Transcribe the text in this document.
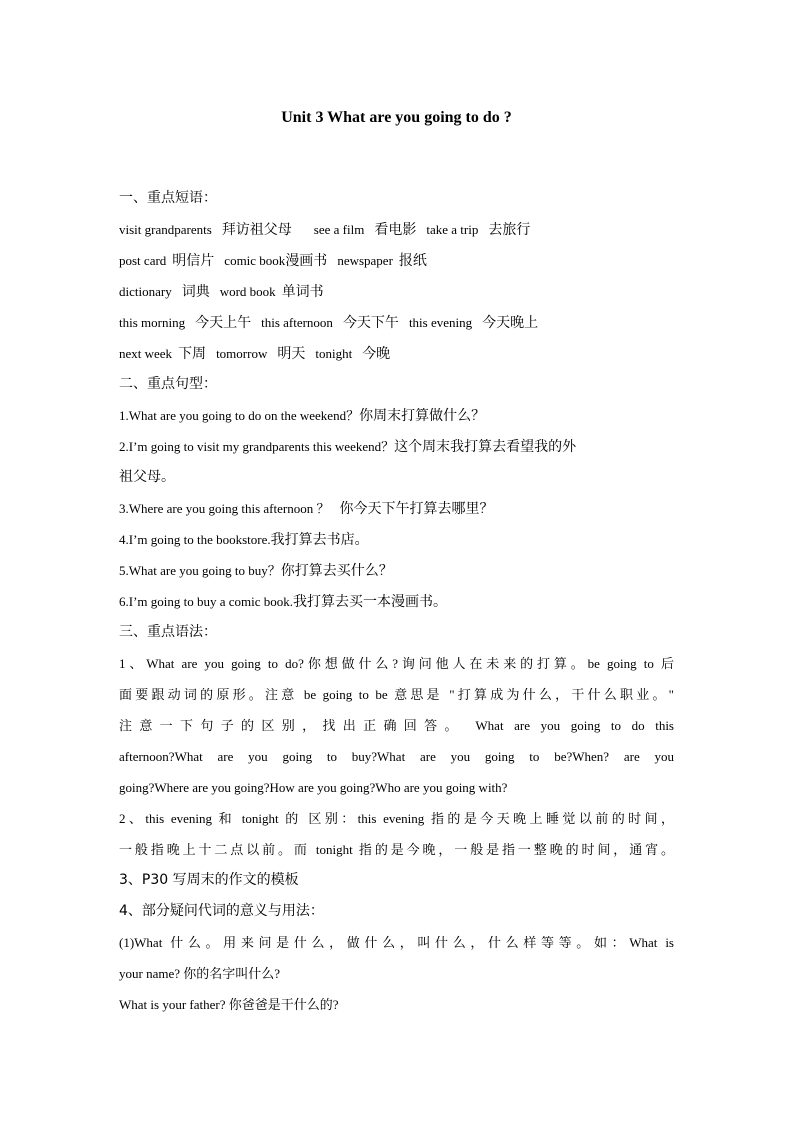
Unit 3 What are you going to do ?
一、重点短语：
visit grandparents 拜访祖父母 see a film 看电影 take a trip 去旅行
post card 明信片 comic book漫画书 newspaper 报纸
dictionary 词典 word book 单词书
this morning 今天上午 this afternoon 今天下午 this evening 今天晚上
next week 下周 tomorrow 明天 tonight 今晚
二、重点句型：
1.What are you going to do on the weekend？你周末打算做什么？
2.I’m going to visit my grandparents this weekend？这个周末我打算去看望我的外
祖父母。
3.Where are you going this afternoon ？ 你今天下午打算去哪里？
4.I’m going to the bookstore.我打算去书店。
5.What are you going to buy？你打算去买什么？
6.I’m going to buy a comic book.我打算去买一本漫画书。
三、重点语法：
1、What are you going to do?你想做什么?询问他人在未来的打算。be going to 后
面要跟动词的原形。注意 be going to be 意思是 "打算成为什么，干什么职业。"
注意一下句子的区别，找出正确回答。 What are you going to do this
afternoon?What are you going to buy?What are you going to be?When? are you
going?Where are you going?How are you going?Who are you going with?
2、this evening 和 tonight 的 区别：this evening 指的是今天晚上睡觉以前的时间，
一般指晚上十二点以前。而 tonight 指的是今晚，一般是指一整晚的时间，通宵。
3、P30 写周末的作文的模板
4、部分疑问代词的意义与用法：
(1)What 什么。用来问是什么，做什么，叫什么，什么样等等。如：What is
your name? 你的名字叫什么?
What is your father? 你爸爸是干什么的?
